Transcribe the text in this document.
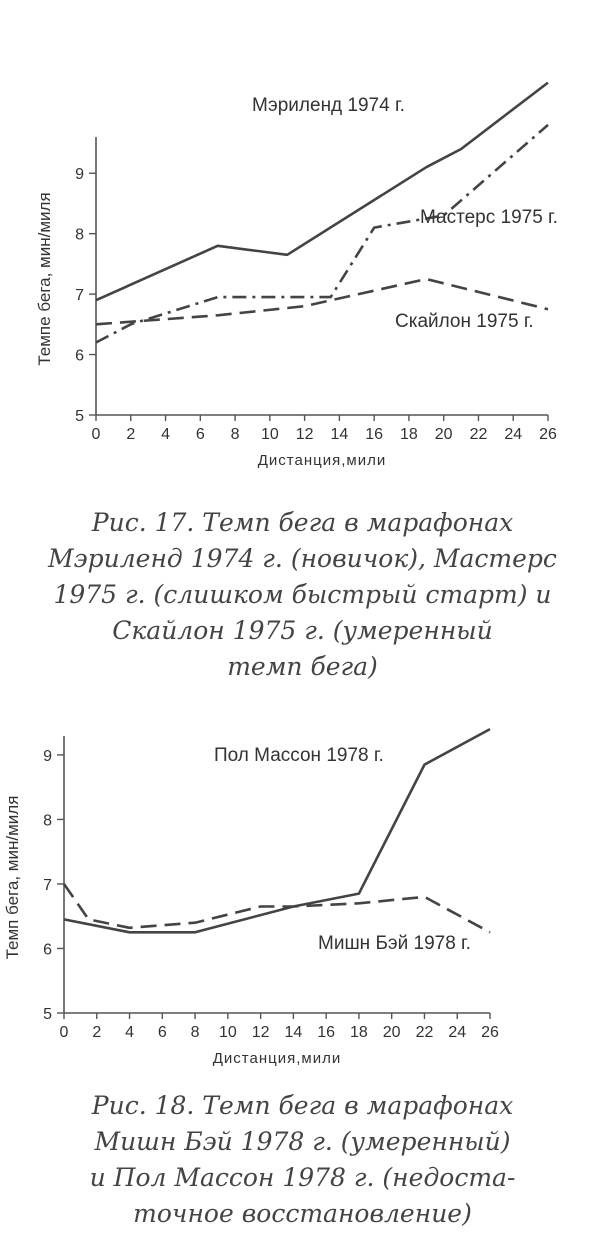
5
6
7
8
9
0 2 4 6 8 10 12 14 16 18 20 22 24 26
Дистанция,мили
Темпе бега, мин/миля
Мэриленд 1974 г.
Мастерс 1975 г.
Скайлон 1975 г.
Рис. 17. Темп бега в марафонах
Мэриленд 1974 г. (новичок), Мастерс
1975 г. (слишком быстрый старт) и
Скайлон 1975 г. (умеренный
темп бега)
5
6
7
8
9
0 2 4 6 8 10 12 14 16 18 20 22 24 26
Дистанция,мили
Темп бега, мин/миля
Пол Массон 1978 г.
Мишн Бэй 1978 г.
Рис. 18. Темп бега в марафонах
Мишн Бэй 1978 г. (умеренный)
и Пол Массон 1978 г. (недоста-
точное восстановление)
